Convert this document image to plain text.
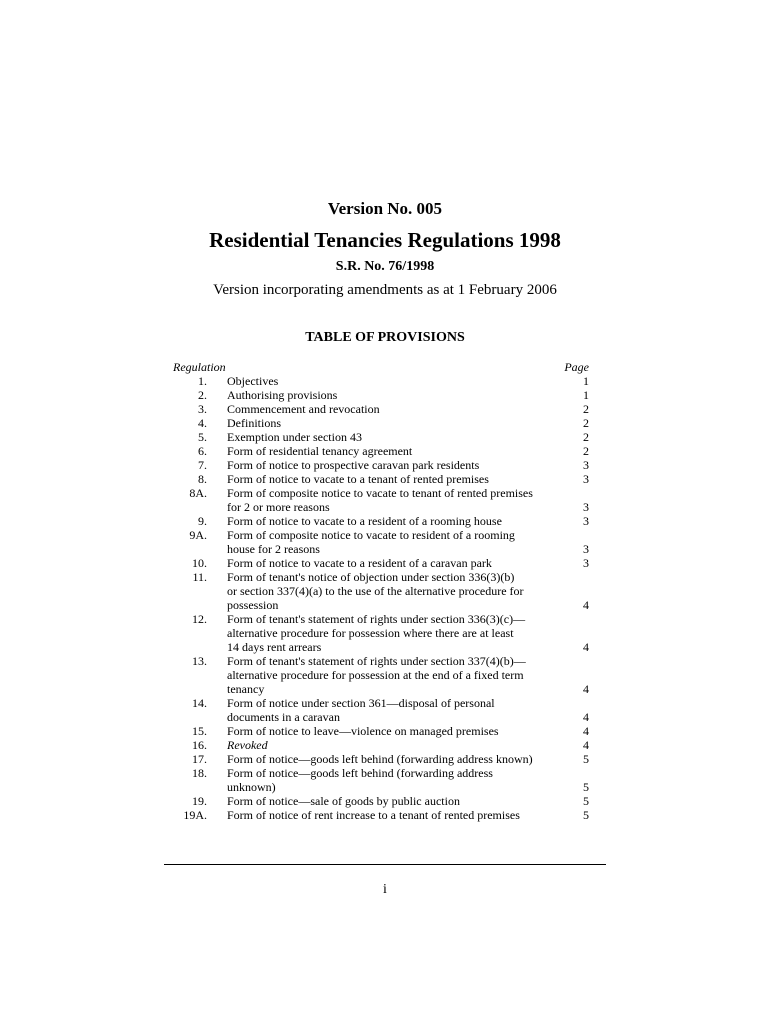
Version No. 005
Residential Tenancies Regulations 1998
S.R. No. 76/1998
Version incorporating amendments as at 1 February 2006
TABLE OF PROVISIONS
Regulation	Page
1.	Objectives	1
2.	Authorising provisions	1
3.	Commencement and revocation	2
4.	Definitions	2
5.	Exemption under section 43	2
6.	Form of residential tenancy agreement	2
7.	Form of notice to prospective caravan park residents	3
8.	Form of notice to vacate to a tenant of rented premises	3
8A.	Form of composite notice to vacate to tenant of rented premises
for 2 or more reasons	3
9.	Form of notice to vacate to a resident of a rooming house	3
9A.	Form of composite notice to vacate to resident of a rooming
house for 2 reasons	3
10.	Form of notice to vacate to a resident of a caravan park	3
11.	Form of tenant's notice of objection under section 336(3)(b)
or section 337(4)(a) to the use of the alternative procedure for
possession	4
12.	Form of tenant's statement of rights under section 336(3)(c)—
alternative procedure for possession where there are at least
14 days rent arrears	4
13.	Form of tenant's statement of rights under section 337(4)(b)—
alternative procedure for possession at the end of a fixed term
tenancy	4
14.	Form of notice under section 361—disposal of personal
documents in a caravan	4
15.	Form of notice to leave—violence on managed premises	4
16.	Revoked	4
17.	Form of notice—goods left behind (forwarding address known)	5
18.	Form of notice—goods left behind (forwarding address
unknown)	5
19.	Form of notice—sale of goods by public auction	5
19A.	Form of notice of rent increase to a tenant of rented premises	5
i
